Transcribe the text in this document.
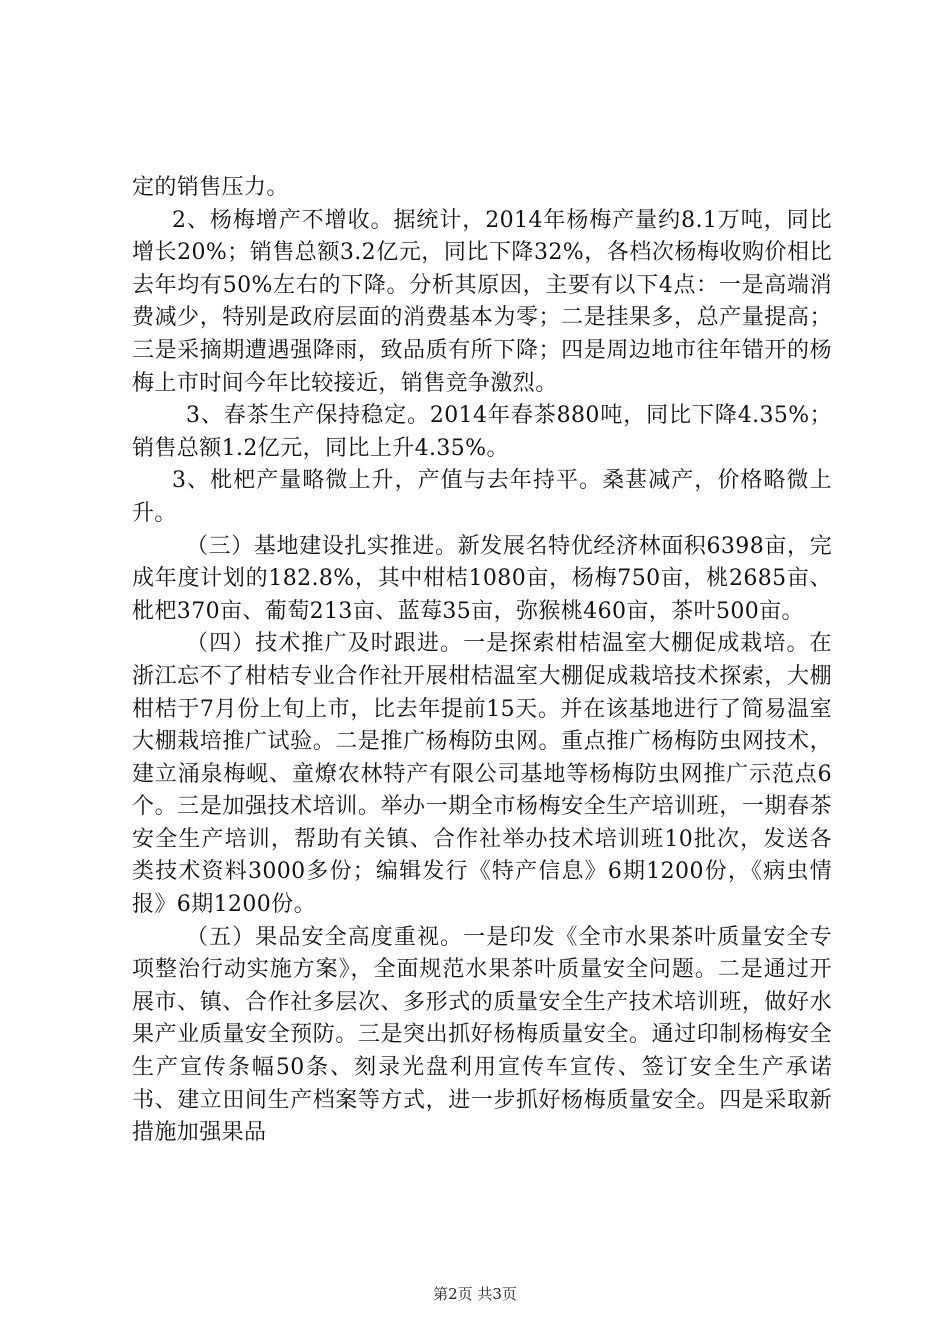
定的销售压力。

2、杨梅增产不增收。据统计，2014年杨梅产量约8.1万吨，同比增长20%；销售总额3.2亿元，同比下降32%，各档次杨梅收购价相比去年均有50%左右的下降。分析其原因，主要有以下4点：一是高端消费减少，特别是政府层面的消费基本为零；二是挂果多，总产量提高；三是采摘期遭遇强降雨，致品质有所下降；四是周边地市往年错开的杨梅上市时间今年比较接近，销售竞争激烈。

3、春茶生产保持稳定。2014年春茶880吨，同比下降4.35%；销售总额1.2亿元，同比上升4.35%。

3、枇杷产量略微上升，产值与去年持平。桑葚减产，价格略微上升。

（三）基地建设扎实推进。新发展名特优经济林面积6398亩，完成年度计划的182.8%，其中柑桔1080亩，杨梅750亩，桃2685亩、枇杷370亩、葡萄213亩、蓝莓35亩，弥猴桃460亩，茶叶500亩。

（四）技术推广及时跟进。一是探索柑桔温室大棚促成栽培。在浙江忘不了柑桔专业合作社开展柑桔温室大棚促成栽培技术探索，大棚柑桔于7月份上旬上市，比去年提前15天。并在该基地进行了简易温室大棚栽培推广试验。二是推广杨梅防虫网。重点推广杨梅防虫网技术，建立涌泉梅岘、童燎农林特产有限公司基地等杨梅防虫网推广示范点6个。三是加强技术培训。举办一期全市杨梅安全生产培训班，一期春茶安全生产培训，帮助有关镇、合作社举办技术培训班10批次，发送各类技术资料3000多份；编辑发行《特产信息》6期1200份，《病虫情报》6期1200份。

（五）果品安全高度重视。一是印发《全市水果茶叶质量安全专项整治行动实施方案》，全面规范水果茶叶质量安全问题。二是通过开展市、镇、合作社多层次、多形式的质量安全生产技术培训班，做好水果产业质量安全预防。三是突出抓好杨梅质量安全。通过印制杨梅安全生产宣传条幅50条、刻录光盘利用宣传车宣传、签订安全生产承诺书、建立田间生产档案等方式，进一步抓好杨梅质量安全。四是采取新措施加强果品

第2页 共3页
